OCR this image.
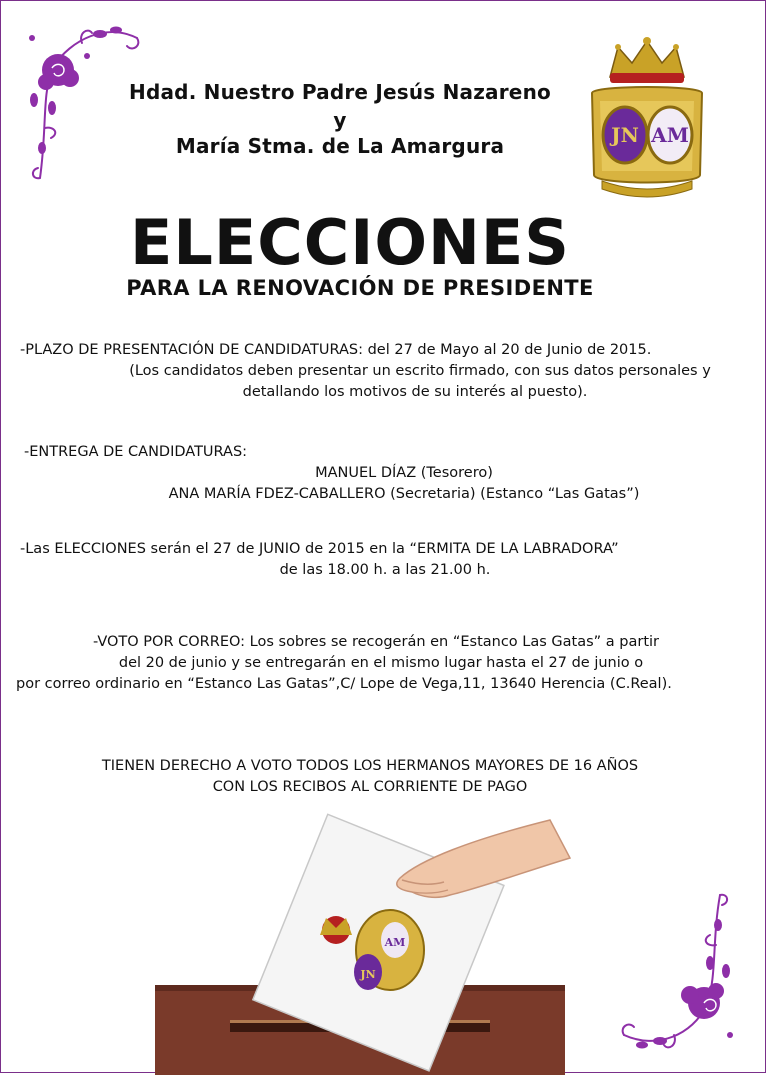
Hdad. Nuestro Padre Jesús Nazareno
y
María Stma. de La Amargura	JN AM
ELECCIONES
PARA LA RENOVACIÓN DE PRESIDENTE
-PLAZO DE PRESENTACIÓN DE CANDIDATURAS: del 27 de Mayo al 20 de Junio de 2015.
(Los candidatos deben presentar un escrito firmado, con sus datos personales y
detallando los motivos de su interés al puesto).
-ENTREGA DE CANDIDATURAS:
MANUEL DÍAZ (Tesorero)
ANA MARÍA FDEZ-CABALLERO (Secretaria) (Estanco “Las Gatas”)
-Las ELECCIONES serán el 27 de JUNIO de 2015 en la “ERMITA DE LA LABRADORA”
de las 18.00 h. a las 21.00 h.
-VOTO POR CORREO: Los sobres se recogerán en “Estanco Las Gatas” a partir
del 20 de junio y se entregarán en el mismo lugar hasta el 27 de junio o
por correo ordinario en “Estanco Las Gatas”,C/ Lope de Vega,11, 13640 Herencia (C.Real).
TIENEN DERECHO A VOTO TODOS LOS HERMANOS MAYORES DE 16 AÑOS
CON LOS RECIBOS AL CORRIENTE DE PAGO
AM
JN
